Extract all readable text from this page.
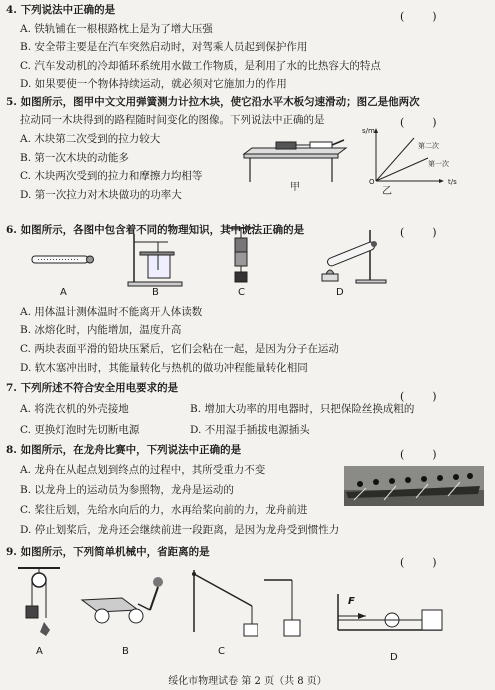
4. 下列说法中正确的是	(        )
A. 铁轨铺在一根根路枕上是为了增大压强
B. 安全带主要是在汽车突然启动时，对驾乘人员起到保护作用
C. 汽车发动机的冷却循环系统用水做工作物质，是利用了水的比热容大的特点
D. 如果要使一个物体持续运动，就必须对它施加力的作用
5. 如图所示，图甲中文文用弹簧测力计拉木块，使它沿水平木板匀速滑动；图乙是他两次
拉动同一木块得到的路程随时间变化的图像。下列说法中正确的是	(        )
A. 木块第二次受到的拉力较大
B. 第一次木块的动能多
C. 木块两次受到的拉力和摩擦力均相等
D. 第一次拉力对木块做功的功率大
甲
s/m
第二次
第一次
O	t/s
乙
6. 如图所示，各图中包含着不同的物理知识，其中说法正确的是	(        )
A	B	C	D
A. 用体温计测体温时不能离开人体读数
B. 冰熔化时，内能增加，温度升高
C. 两块表面平滑的铅块压紧后，它们会粘在一起，是因为分子在运动
D. 软木塞冲出时，其能量转化与热机的做功冲程能量转化相同
7. 下列所述不符合安全用电要求的是
(        )
A. 将洗衣机的外壳接地	B. 增加大功率的用电器时，只把保险丝换成粗的
C. 更换灯泡时先切断电源	D. 不用湿手插拔电源插头
8. 如图所示，在龙舟比赛中，下列说法中正确的是	(        )
A. 龙舟在从起点划到终点的过程中，其所受重力不变
B. 以龙舟上的运动员为参照物，龙舟是运动的
C. 桨往后划，先给水向后的力，水再给桨向前的力，龙舟前进
D. 停止划桨后，龙舟还会继续前进一段距离，是因为龙舟受到惯性力
9. 如图所示，下列简单机械中，省距离的是
(        )
F
A	B	C
D
绥化市物理试卷 第 2 页（共 8 页）
